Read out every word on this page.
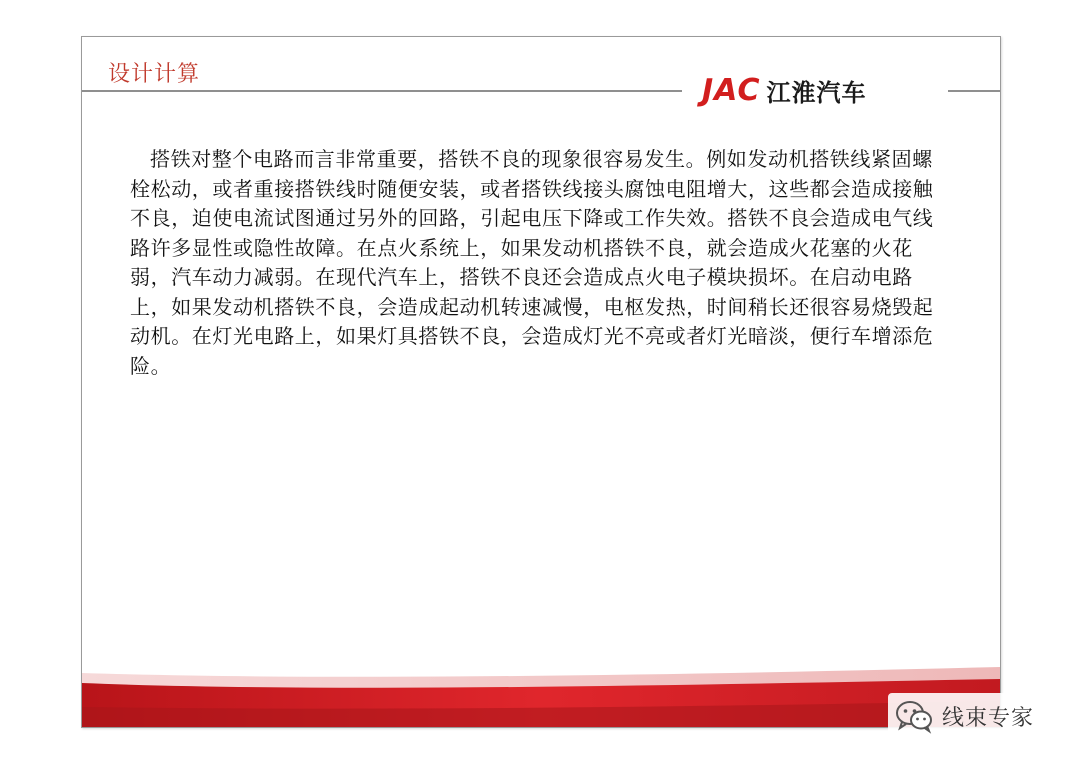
设计计算	JAC 江淮汽车
搭铁对整个电路而言非常重要，搭铁不良的现象很容易发生。例如发动机搭铁线紧固螺栓松动，或者重接搭铁线时随便安装，或者搭铁线接头腐蚀电阻增大，这些都会造成接触不良，迫使电流试图通过另外的回路，引起电压下降或工作失效。搭铁不良会造成电气线路许多显性或隐性故障。在点火系统上，如果发动机搭铁不良，就会造成火花塞的火花弱，汽车动力减弱。在现代汽车上，搭铁不良还会造成点火电子模块损坏。在启动电路上，如果发动机搭铁不良，会造成起动机转速减慢，电枢发热，时间稍长还很容易烧毁起动机。在灯光电路上，如果灯具搭铁不良，会造成灯光不亮或者灯光暗淡，便行车增添危险。
线束专家
